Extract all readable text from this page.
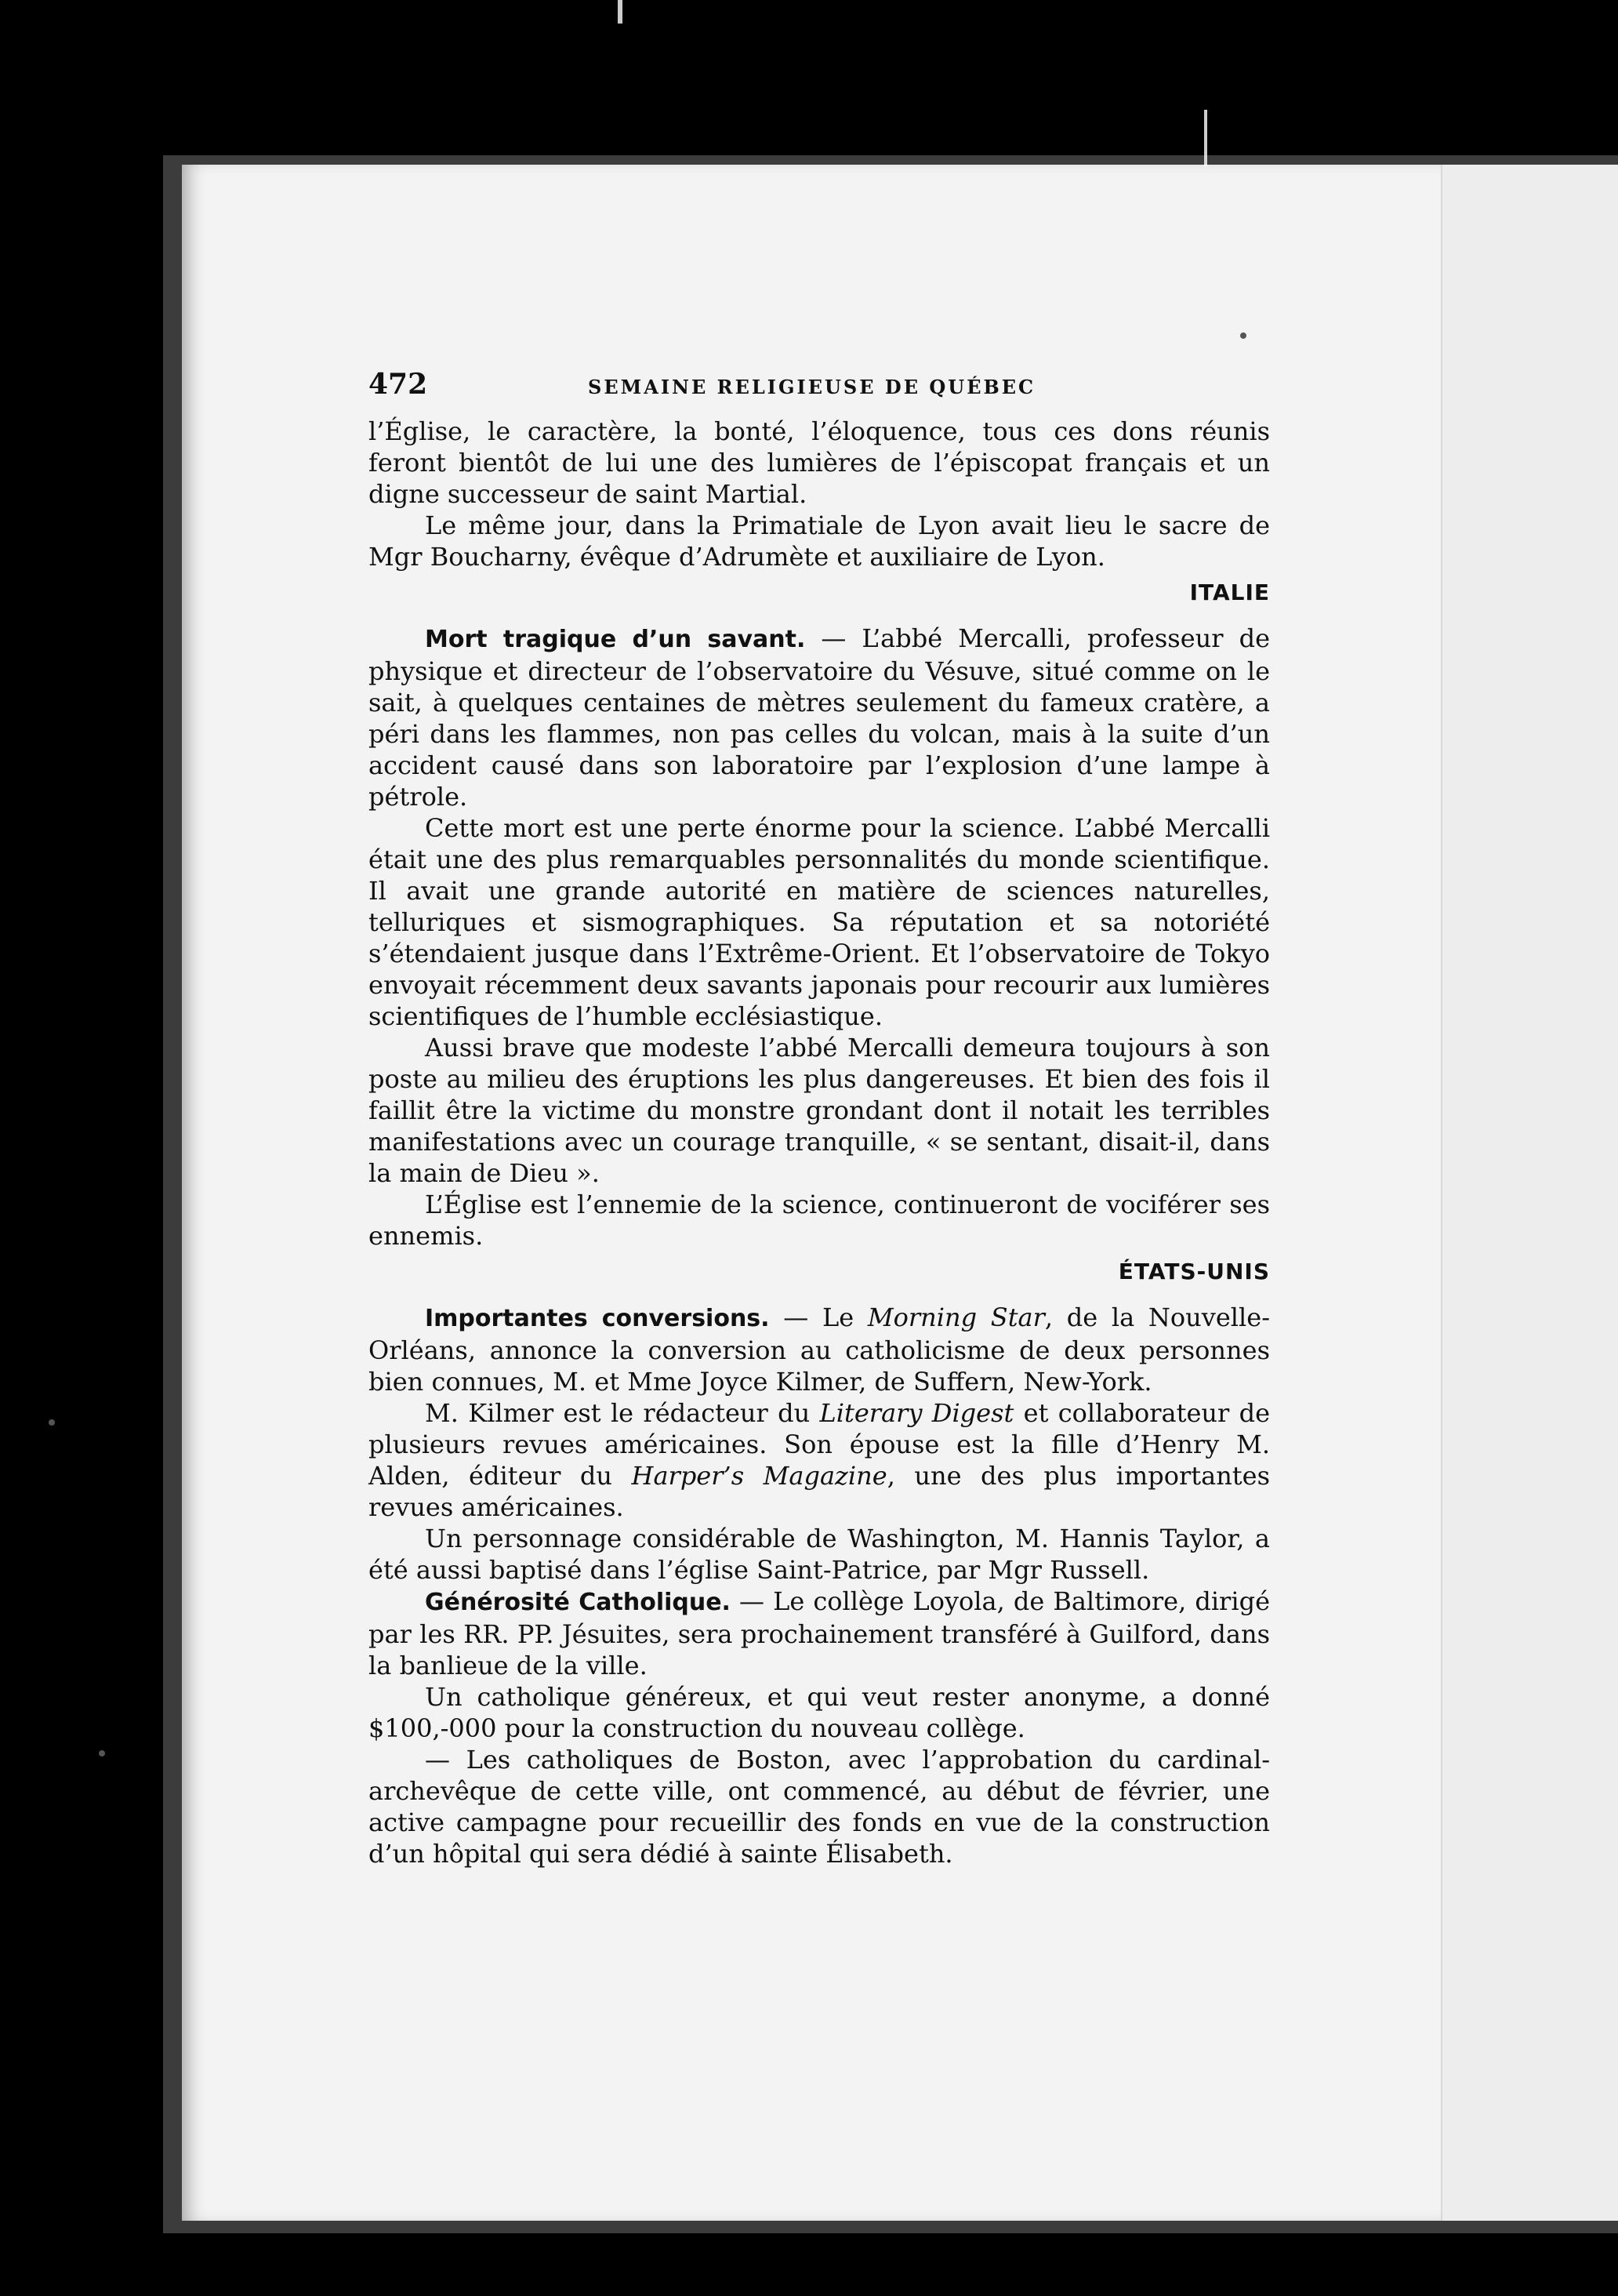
472	SEMAINE RELIGIEUSE DE QUÉBEC

l’Église, le caractère, la bonté, l’éloquence, tous ces dons réunis feront bientôt de lui une des lumières de l’épiscopat français et un digne successeur de saint Martial.

Le même jour, dans la Primatiale de Lyon avait lieu le sacre de Mgr Boucharny, évêque d’Adrumète et auxiliaire de Lyon.

ITALIE

Mort tragique d’un savant. — L’abbé Mercalli, professeur de physique et directeur de l’observatoire du Vésuve, situé comme on le sait, à quelques centaines de mètres seulement du fameux cratère, a péri dans les flammes, non pas celles du volcan, mais à la suite d’un accident causé dans son laboratoire par l’explosion d’une lampe à pétrole.

Cette mort est une perte énorme pour la science. L’abbé Mercalli était une des plus remarquables personnalités du monde scientifique. Il avait une grande autorité en matière de sciences naturelles, telluriques et sismographiques. Sa réputation et sa notoriété s’étendaient jusque dans l’Extrême-Orient. Et l’observatoire de Tokyo envoyait récemment deux savants japonais pour recourir aux lumières scientifiques de l’humble ecclésiastique.

Aussi brave que modeste l’abbé Mercalli demeura toujours à son poste au milieu des éruptions les plus dangereuses. Et bien des fois il faillit être la victime du monstre grondant dont il notait les terribles manifestations avec un courage tranquille, « se sentant, disait-il, dans la main de Dieu ».

L’Église est l’ennemie de la science, continueront de vociférer ses ennemis.

ÉTATS-UNIS

Importantes conversions. — Le Morning Star, de la Nouvelle-Orléans, annonce la conversion au catholicisme de deux personnes bien connues, M. et Mme Joyce Kilmer, de Suffern, New-York.

M. Kilmer est le rédacteur du Literary Digest et collaborateur de plusieurs revues américaines. Son épouse est la fille d’Henry M. Alden, éditeur du Harper’s Magazine, une des plus importantes revues américaines.

Un personnage considérable de Washington, M. Hannis Taylor, a été aussi baptisé dans l’église Saint-Patrice, par Mgr Russell.

Générosité Catholique. — Le collège Loyola, de Baltimore, dirigé par les RR. PP. Jésuites, sera prochainement transféré à Guilford, dans la banlieue de la ville.

Un catholique généreux, et qui veut rester anonyme, a donné $100,-000 pour la construction du nouveau collège.

— Les catholiques de Boston, avec l’approbation du cardinal-archevêque de cette ville, ont commencé, au début de février, une active campagne pour recueillir des fonds en vue de la construction d’un hôpital qui sera dédié à sainte Élisabeth.
